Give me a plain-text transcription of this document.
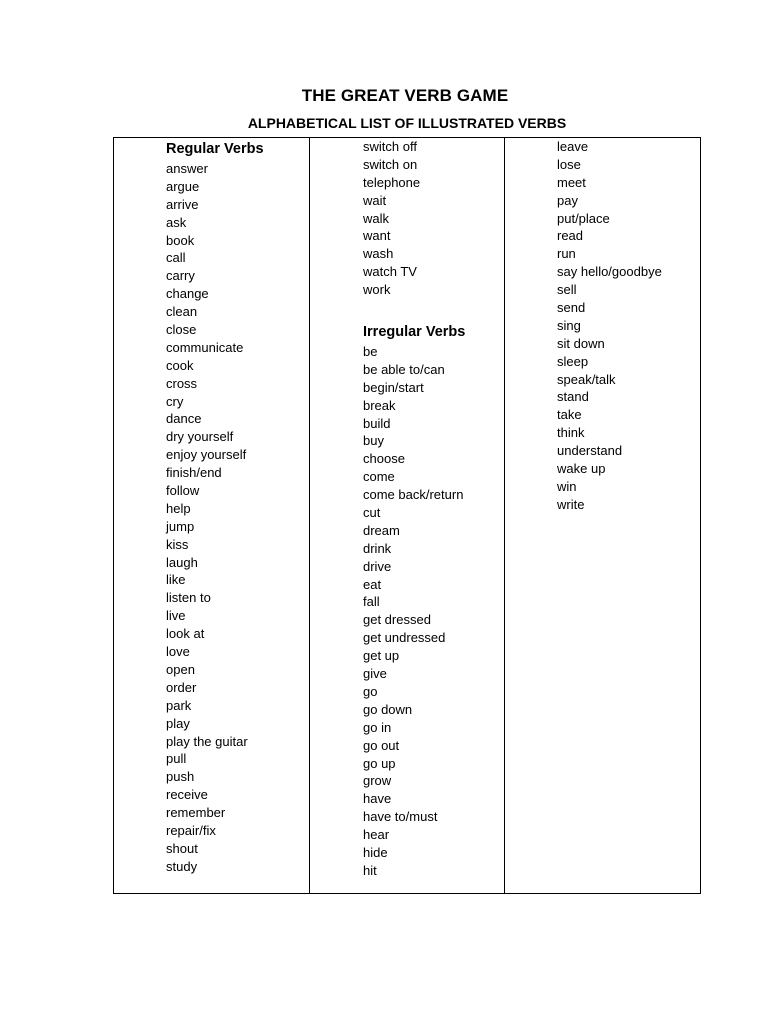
THE GREAT VERB GAME
ALPHABETICAL LIST OF ILLUSTRATED VERBS
Regular Verbs
answer
argue
arrive
ask
book
call
carry
change
clean
close
communicate
cook
cross
cry
dance
dry yourself
enjoy yourself
finish/end
follow
help
jump
kiss
laugh
like
listen to
live
look at
love
open
order
park
play
play the guitar
pull
push
receive
remember
repair/fix
shout
study
switch off
switch on
telephone
wait
walk
want
wash
watch TV
work
Irregular Verbs
be
be able to/can
begin/start
break
build
buy
choose
come
come back/return
cut
dream
drink
drive
eat
fall
get dressed
get undressed
get up
give
go
go down
go in
go out
go up
grow
have
have to/must
hear
hide
hit
leave
lose
meet
pay
put/place
read
run
say hello/goodbye
sell
send
sing
sit down
sleep
speak/talk
stand
take
think
understand
wake up
win
write
